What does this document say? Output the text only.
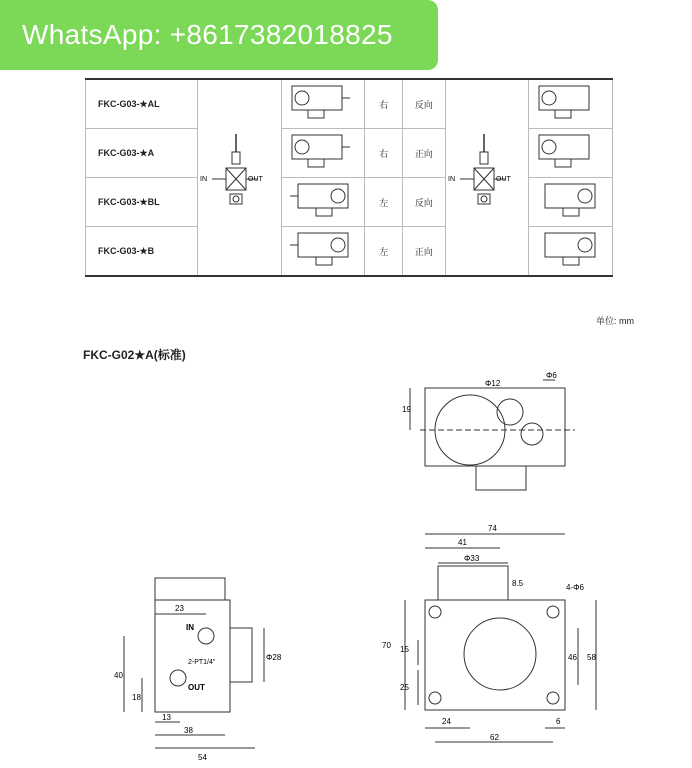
WhatsApp: +8617382018825
FKC-G03-★AL	IN OUT		右	反向	IN OUT

FKC-G03-★A			右	正向	
FKC-G03-★BL			左	反向	
FKC-G03-★B			左	正向	
单位: mm
FKC-G02★A(标准)
19
Φ6
Φ12
23
IN
2-PT1/4"
OUT
40
18
13
38
54
Φ28
74
41
Φ33
8.5	4-Φ6
70 15
25
46 58
24
62
6
